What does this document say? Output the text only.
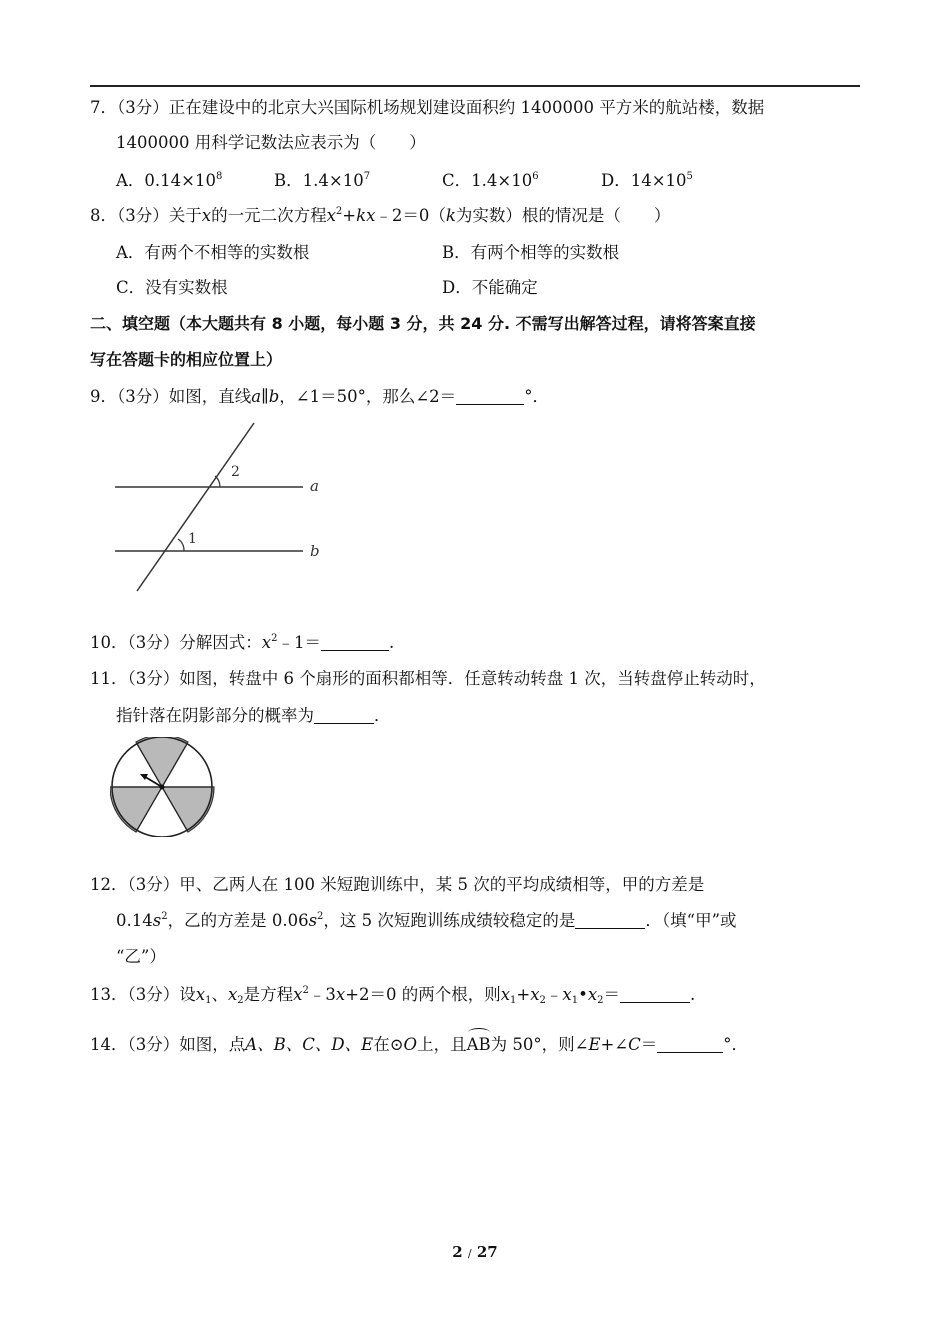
7．（3分）正在建设中的北京大兴国际机场规划建设面积约 1400000 平方米的航站楼，数据
1400000 用科学记数法应表示为（　　）
A．$0.14\times 10^8$	B．$1.4\times 10^7$	C．$1.4\times 10^6$	D．$14\times 10^5$
8．（3分）关于x的一元二次方程$x^2+kx﹣2=0(k$为实数）根的情况是（　　）
A．有两个不相等的实数根	B．有两个相等的实数根
C．没有实数根	D．不能确定
二、填空题（本大题共有 8 小题，每小题 3 分，共 24 分. 不需写出解答过程，请将答案直接
写在答题卡的相应位置上）
9．（3分）如图，直线a∥b，∠1＝50°，那么∠2＝	°．
2
1
a
b
10．（3分）分解因式：$x^2﹣1=$	.
11．（3分）如图，转盘中 6 个扇形的面积都相等．任意转动转盘 1 次，当转盘停止转动时，
指针落在阴影部分的概率为	．
12．（3分）甲、乙两人在 100 米短跑训练中，某 5 次的平均成绩相等，甲的方差是
$0.14s^2$，乙的方差是 $0.06s^2$，这 5 次短跑训练成绩较稳定的是	．（填“甲”或
“乙”）
13．（3分）设$x_1$、$x_2$是方程$x^2﹣3x+2=0$ 的两个根，则$x_1+x_2﹣x_1•x_2=$	.
14．（3分）如图，点A、B、C、D、E在⊙O上，且AB为 50°，则∠E+∠C＝	°．
2 / 27
